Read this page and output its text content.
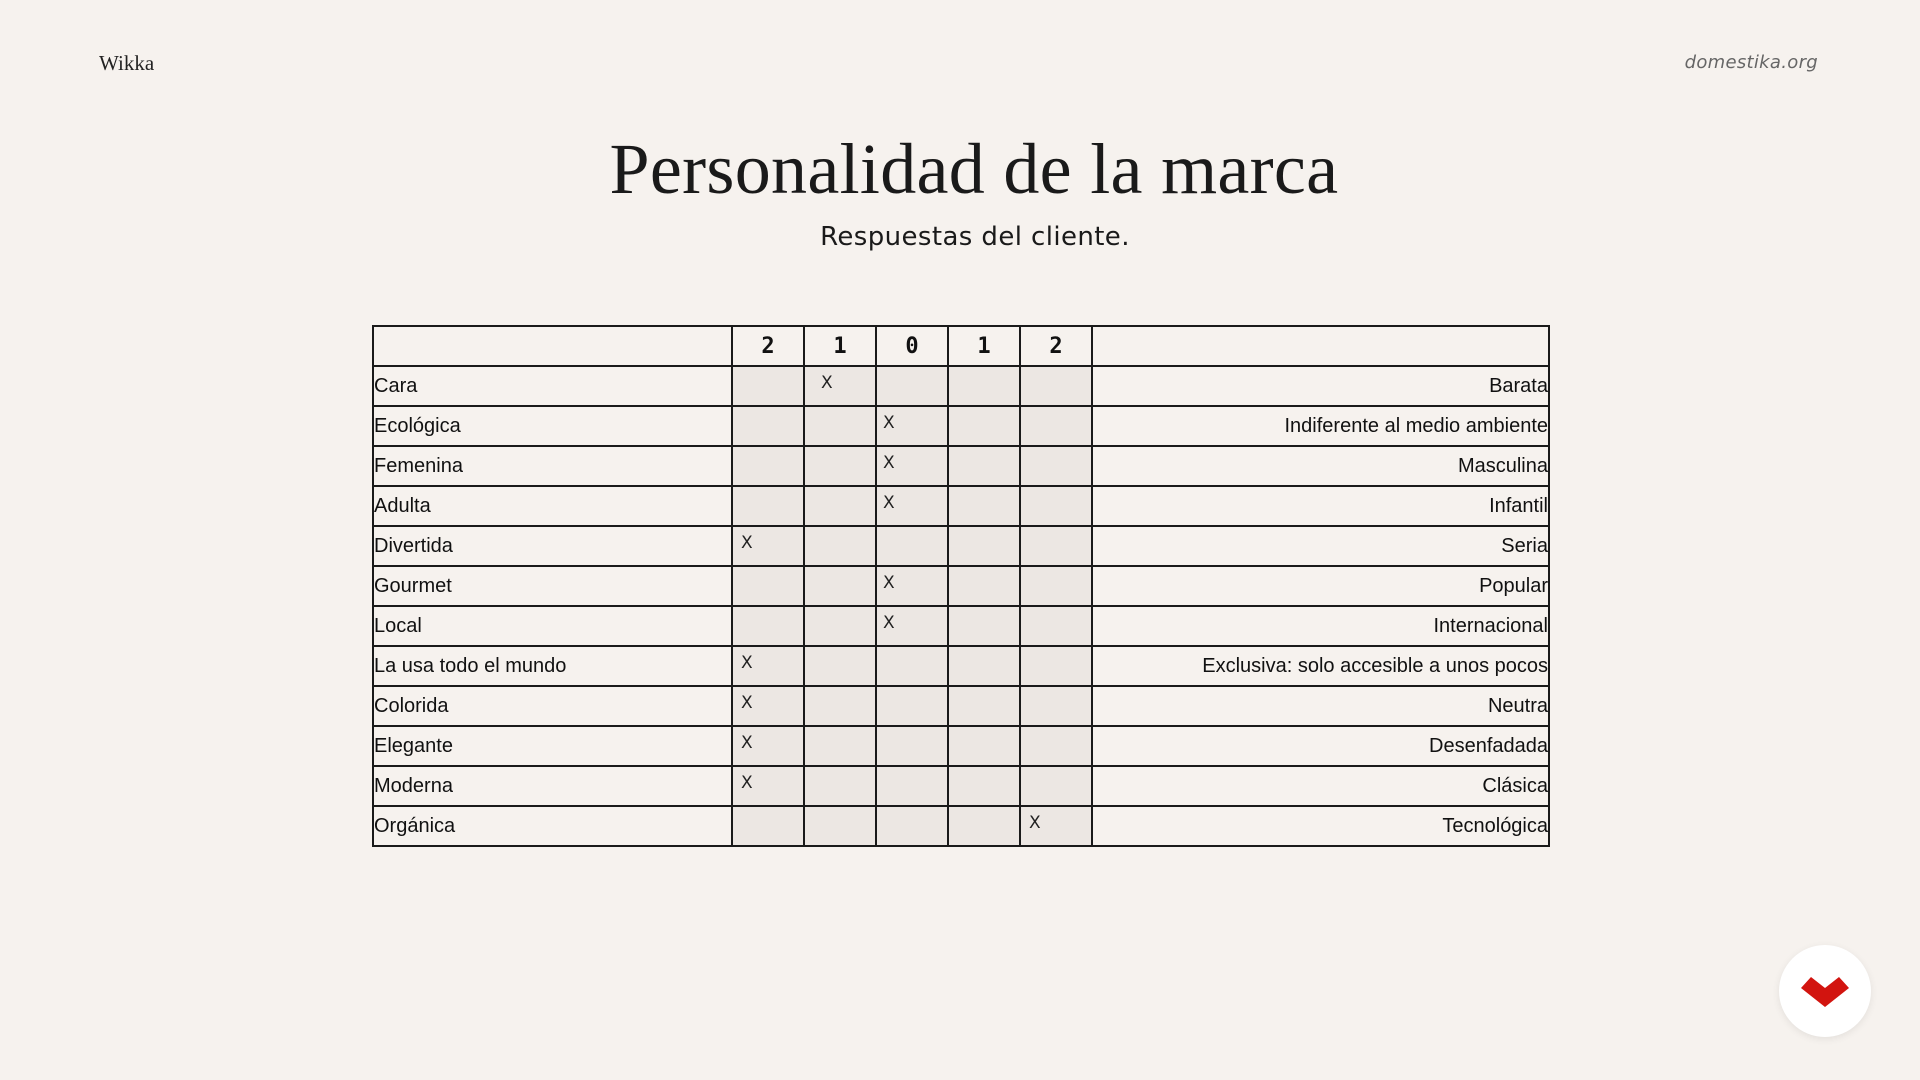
Wikka	domestika.org
Personalidad de la marca
Respuestas del cliente.
	2	1	0	1	2	
Cara		X				Barata
Ecológica			X			Indiferente al medio ambiente
Femenina			X			Masculina
Adulta			X			Infantil
Divertida	X					Seria
Gourmet			X			Popular
Local			X			Internacional
La usa todo el mundo	X					Exclusiva: solo accesible a unos pocos
Colorida	X					Neutra
Elegante	X					Desenfadada
Moderna	X					Clásica
Orgánica					X	Tecnológica
